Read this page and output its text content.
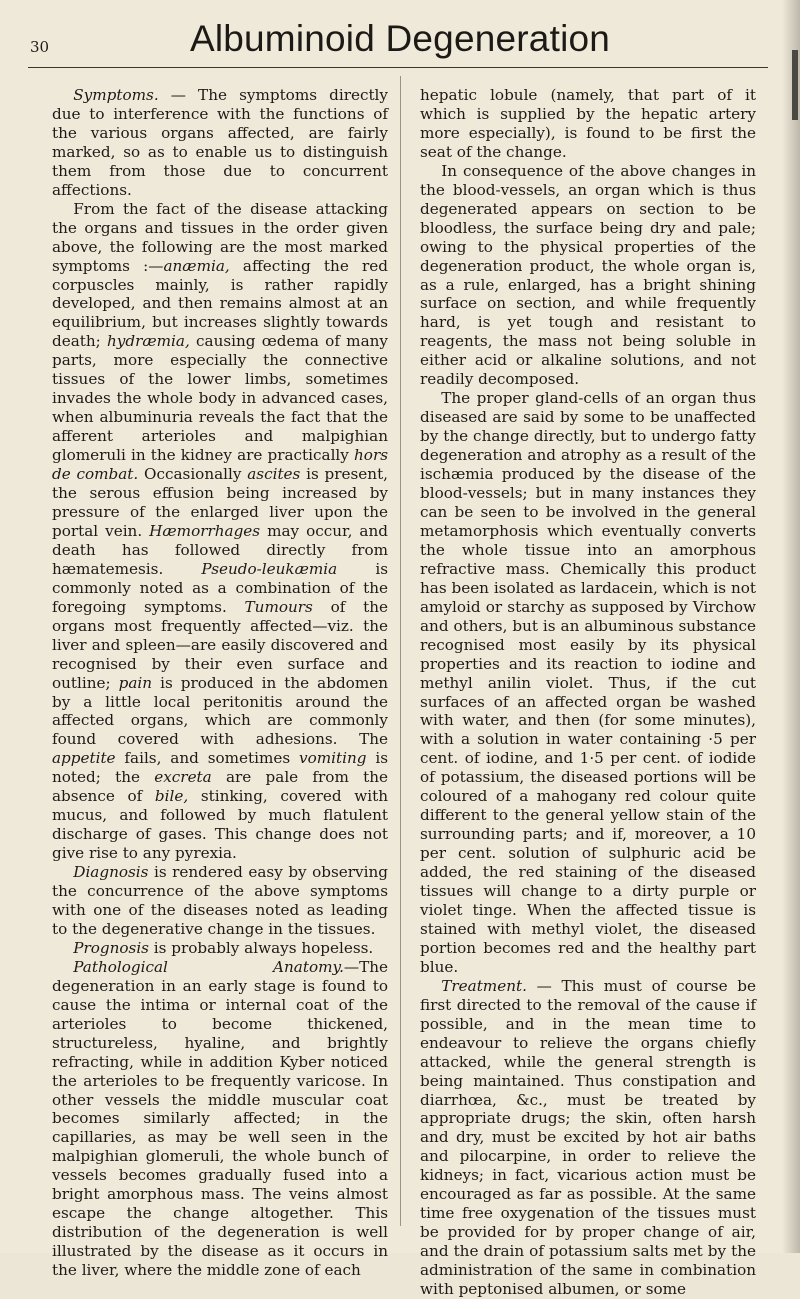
30	Albuminoid Degeneration

Symptoms. — The symptoms directly due to interference with the functions of the various organs affected, are fairly marked, so as to enable us to distinguish them from those due to concurrent affections.

From the fact of the disease attacking the organs and tissues in the order given above, the following are the most marked symptoms :—anæmia, affecting the red corpuscles mainly, is rather rapidly developed, and then remains almost at an equilibrium, but increases slightly towards death; hydræmia, causing œdema of many parts, more especially the connective tissues of the lower limbs, sometimes invades the whole body in advanced cases, when albuminuria reveals the fact that the afferent arterioles and malpighian glomeruli in the kidney are practically hors de combat. Occasionally ascites is present, the serous effusion being increased by pressure of the enlarged liver upon the portal vein. Hæmorrhages may occur, and death has followed directly from hæmatemesis. Pseudo-leukæmia is commonly noted as a combination of the foregoing symptoms. Tumours of the organs most frequently affected—viz. the liver and spleen—are easily discovered and recognised by their even surface and outline; pain is produced in the abdomen by a little local peritonitis around the affected organs, which are commonly found covered with adhesions. The appetite fails, and sometimes vomiting is noted; the excreta are pale from the absence of bile, stinking, covered with mucus, and followed by much flatulent discharge of gases. This change does not give rise to any pyrexia.

Diagnosis is rendered easy by observing the concurrence of the above symptoms with one of the diseases noted as leading to the degenerative change in the tissues.

Prognosis is probably always hopeless.

Pathological Anatomy.—The degeneration in an early stage is found to cause the intima or internal coat of the arterioles to become thickened, structureless, hyaline, and brightly refracting, while in addition Kyber noticed the arterioles to be frequently varicose. In other vessels the middle muscular coat becomes similarly affected; in the capillaries, as may be well seen in the malpighian glomeruli, the whole bunch of vessels becomes gradually fused into a bright amorphous mass. The veins almost escape the change altogether. This distribution of the degeneration is well illustrated by the disease as it occurs in the liver, where the middle zone of each

hepatic lobule (namely, that part of it which is supplied by the hepatic artery more especially), is found to be first the seat of the change.

In consequence of the above changes in the blood-vessels, an organ which is thus degenerated appears on section to be bloodless, the surface being dry and pale; owing to the physical properties of the degeneration product, the whole organ is, as a rule, enlarged, has a bright shining surface on section, and while frequently hard, is yet tough and resistant to reagents, the mass not being soluble in either acid or alkaline solutions, and not readily decomposed.

The proper gland-cells of an organ thus diseased are said by some to be unaffected by the change directly, but to undergo fatty degeneration and atrophy as a result of the ischæmia produced by the disease of the blood-vessels; but in many instances they can be seen to be involved in the general metamorphosis which eventually converts the whole tissue into an amorphous refractive mass. Chemically this product has been isolated as lardacein, which is not amyloid or starchy as supposed by Virchow and others, but is an albuminous substance recognised most easily by its physical properties and its reaction to iodine and methyl anilin violet. Thus, if the cut surfaces of an affected organ be washed with water, and then (for some minutes), with a solution in water containing ·5 per cent. of iodine, and 1·5 per cent. of iodide of potassium, the diseased portions will be coloured of a mahogany red colour quite different to the general yellow stain of the surrounding parts; and if, moreover, a 10 per cent. solution of sulphuric acid be added, the red staining of the diseased tissues will change to a dirty purple or violet tinge. When the affected tissue is stained with methyl violet, the diseased portion becomes red and the healthy part blue.

Treatment. — This must of course be first directed to the removal of the cause if possible, and in the mean time to endeavour to relieve the organs chiefly attacked, while the general strength is being maintained. Thus constipation and diarrhœa, &c., must be treated by appropriate drugs; the skin, often harsh and dry, must be excited by hot air baths and pilocarpine, in order to relieve the kidneys; in fact, vicarious action must be encouraged as far as possible. At the same time free oxygenation of the tissues must be provided for by proper change of air, and the drain of potassium salts met by the administration of the same in combination with peptonised albumen, or some
